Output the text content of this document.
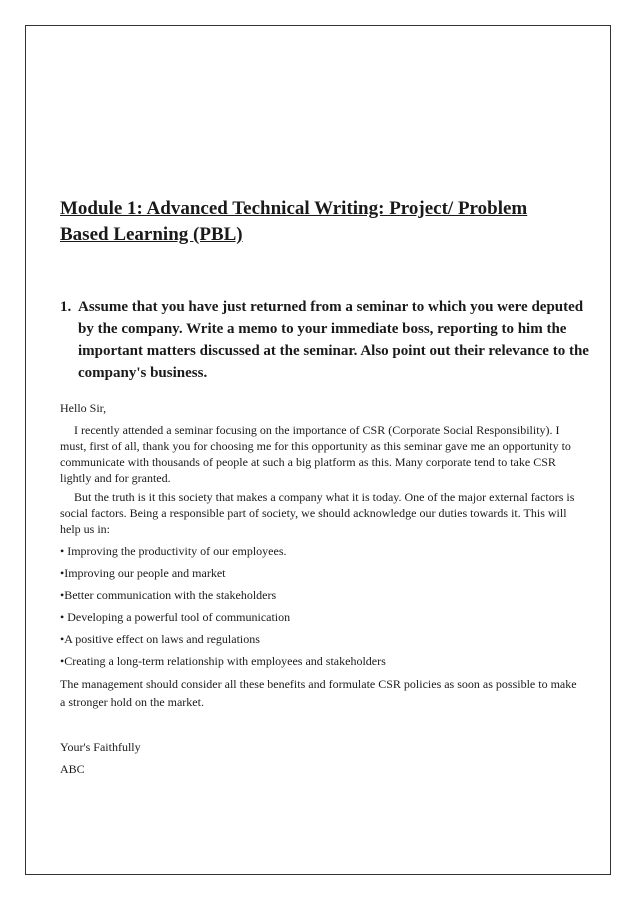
Module 1: Advanced Technical Writing: Project/ Problem
Based Learning (PBL)
1. Assume that you have just returned from a seminar to which you were deputed by the company. Write a memo to your immediate boss, reporting to him the important matters discussed at the seminar. Also point out their relevance to the company's business.

Hello Sir,

I recently attended a seminar focusing on the importance of CSR (Corporate Social Responsibility). I must, first of all, thank you for choosing me for this opportunity as this seminar gave me an opportunity to communicate with thousands of people at such a big platform as this. Many corporate tend to take CSR lightly and for granted.

But the truth is it this society that makes a company what it is today. One of the major external factors is social factors. Being a responsible part of society, we should acknowledge our duties towards it. This will help us in:

• Improving the productivity of our employees.

•Improving our people and market

•Better communication with the stakeholders

• Developing a powerful tool of communication

•A positive effect on laws and regulations

•Creating a long-term relationship with employees and stakeholders

The management should consider all these benefits and formulate CSR policies as soon as possible to make a stronger hold on the market.

Your's Faithfully

ABC
